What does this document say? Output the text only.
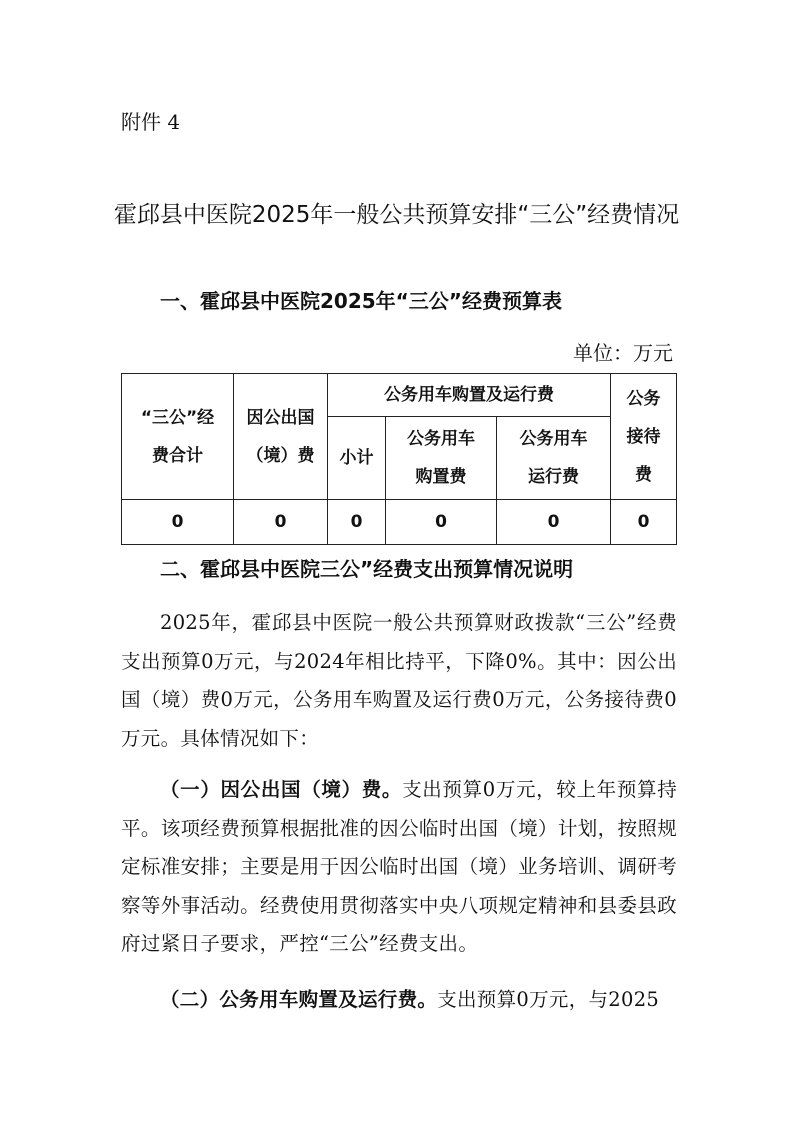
附件 4
霍邱县中医院2025年一般公共预算安排“三公”经费情况
一、霍邱县中医院2025年“三公”经费预算表
单位：万元
“三公”经费合计	因公出国（境）费	公务用车购置及运行费			公务接待费

		小计	公务用车购置费	公务用车运行费	

0	0	0	0	0	0
二、霍邱县中医院三公”经费支出预算情况说明
2025年，霍邱县中医院一般公共预算财政拨款“三公”经费支出预算0万元，与2024年相比持平，下降0%。其中：因公出国（境）费0万元，公务用车购置及运行费0万元，公务接待费0万元。具体情况如下：
（一）因公出国（境）费。支出预算0万元，较上年预算持平。该项经费预算根据批准的因公临时出国（境）计划，按照规定标准安排；主要是用于因公临时出国（境）业务培训、调研考察等外事活动。经费使用贯彻落实中央八项规定精神和县委县政府过紧日子要求，严控“三公”经费支出。
（二）公务用车购置及运行费。支出预算0万元，与2025
